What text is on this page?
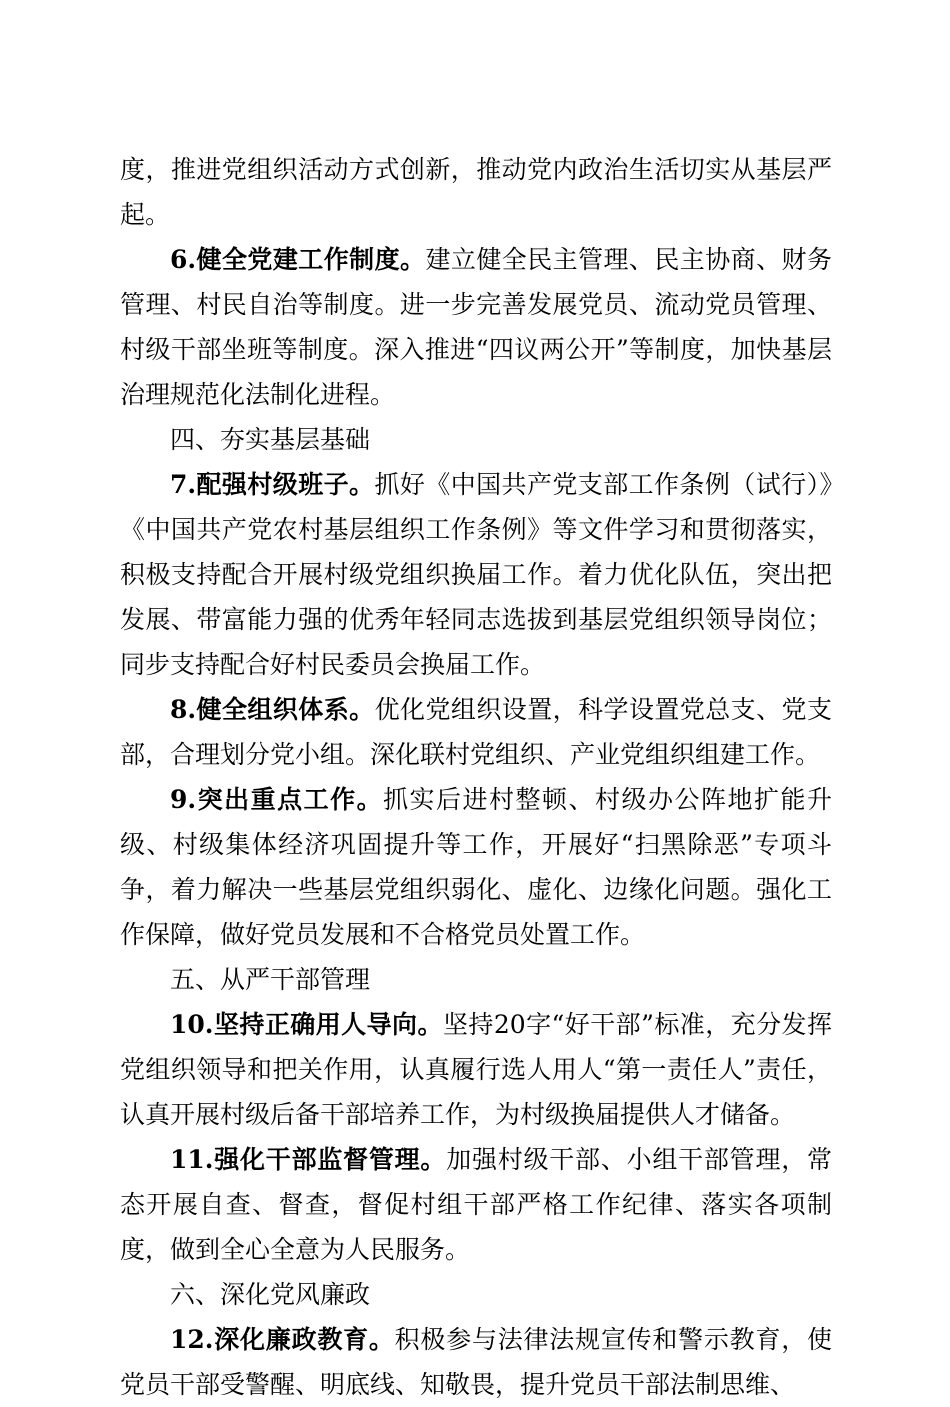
度，推进党组织活动方式创新，推动党内政治生活切实从基层严起。

6.健全党建工作制度。建立健全民主管理、民主协商、财务管理、村民自治等制度。进一步完善发展党员、流动党员管理、村级干部坐班等制度。深入推进“四议两公开”等制度，加快基层治理规范化法制化进程。

四、夯实基层基础

7.配强村级班子。抓好《中国共产党支部工作条例（试行）》《中国共产党农村基层组织工作条例》等文件学习和贯彻落实，积极支持配合开展村级党组织换届工作。着力优化队伍，突出把发展、带富能力强的优秀年轻同志选拔到基层党组织领导岗位；同步支持配合好村民委员会换届工作。

8.健全组织体系。优化党组织设置，科学设置党总支、党支部，合理划分党小组。深化联村党组织、产业党组织组建工作。

9.突出重点工作。抓实后进村整顿、村级办公阵地扩能升级、村级集体经济巩固提升等工作，开展好“扫黑除恶”专项斗争，着力解决一些基层党组织弱化、虚化、边缘化问题。强化工作保障，做好党员发展和不合格党员处置工作。

五、从严干部管理

10.坚持正确用人导向。坚持20字“好干部”标准，充分发挥党组织领导和把关作用，认真履行选人用人“第一责任人”责任，认真开展村级后备干部培养工作，为村级换届提供人才储备。

11.强化干部监督管理。加强村级干部、小组干部管理，常态开展自查、督查，督促村组干部严格工作纪律、落实各项制度，做到全心全意为人民服务。

六、深化党风廉政

12.深化廉政教育。积极参与法律法规宣传和警示教育，使党员干部受警醒、明底线、知敬畏，提升党员干部法制思维、
